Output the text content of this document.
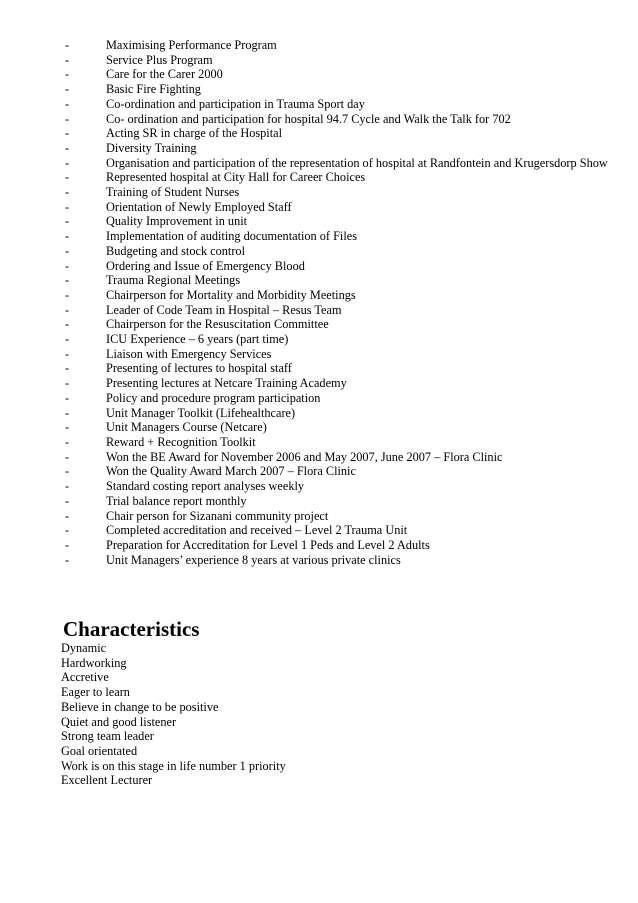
-	Maximising Performance Program
-	Service Plus Program
-	Care for the Carer 2000
-	Basic Fire Fighting
-	Co-ordination and participation in Trauma Sport day
-	Co- ordination and participation for hospital 94.7 Cycle and Walk the Talk for 702
-	Acting SR in charge of the Hospital
-	Diversity Training
-	Organisation and participation of the representation of hospital at Randfontein and Krugersdorp Show
-	Represented hospital at City Hall for Career Choices
-	Training of Student Nurses
-	Orientation of Newly Employed Staff
-	Quality Improvement in unit
-	Implementation of auditing documentation of Files
-	Budgeting and stock control
-	Ordering and Issue of Emergency Blood
-	Trauma Regional Meetings
-	Chairperson for Mortality and Morbidity Meetings
-	Leader of Code Team in Hospital – Resus Team
-	Chairperson for the Resuscitation Committee
-	ICU Experience – 6 years (part time)
-	Liaison with Emergency Services
-	Presenting of lectures to hospital staff
-	Presenting lectures at Netcare Training Academy
-	Policy and procedure program participation
-	Unit Manager Toolkit (Lifehealthcare)
-	Unit Managers Course (Netcare)
-	Reward + Recognition Toolkit
-	Won the BE Award for November 2006 and May 2007, June 2007 – Flora Clinic
-	Won the Quality Award March 2007 – Flora Clinic
-	Standard costing report analyses weekly
-	Trial balance report monthly
-	Chair person for Sizanani community project
-	Completed accreditation and received – Level 2 Trauma Unit
-	Preparation for Accreditation for Level 1 Peds and Level 2 Adults
-	Unit Managers’ experience 8 years at various private clinics
Characteristics
Dynamic
Hardworking
Accretive
Eager to learn
Believe in change to be positive
Quiet and good listener
Strong team leader
Goal orientated
Work is on this stage in life number 1 priority
Excellent Lecturer
